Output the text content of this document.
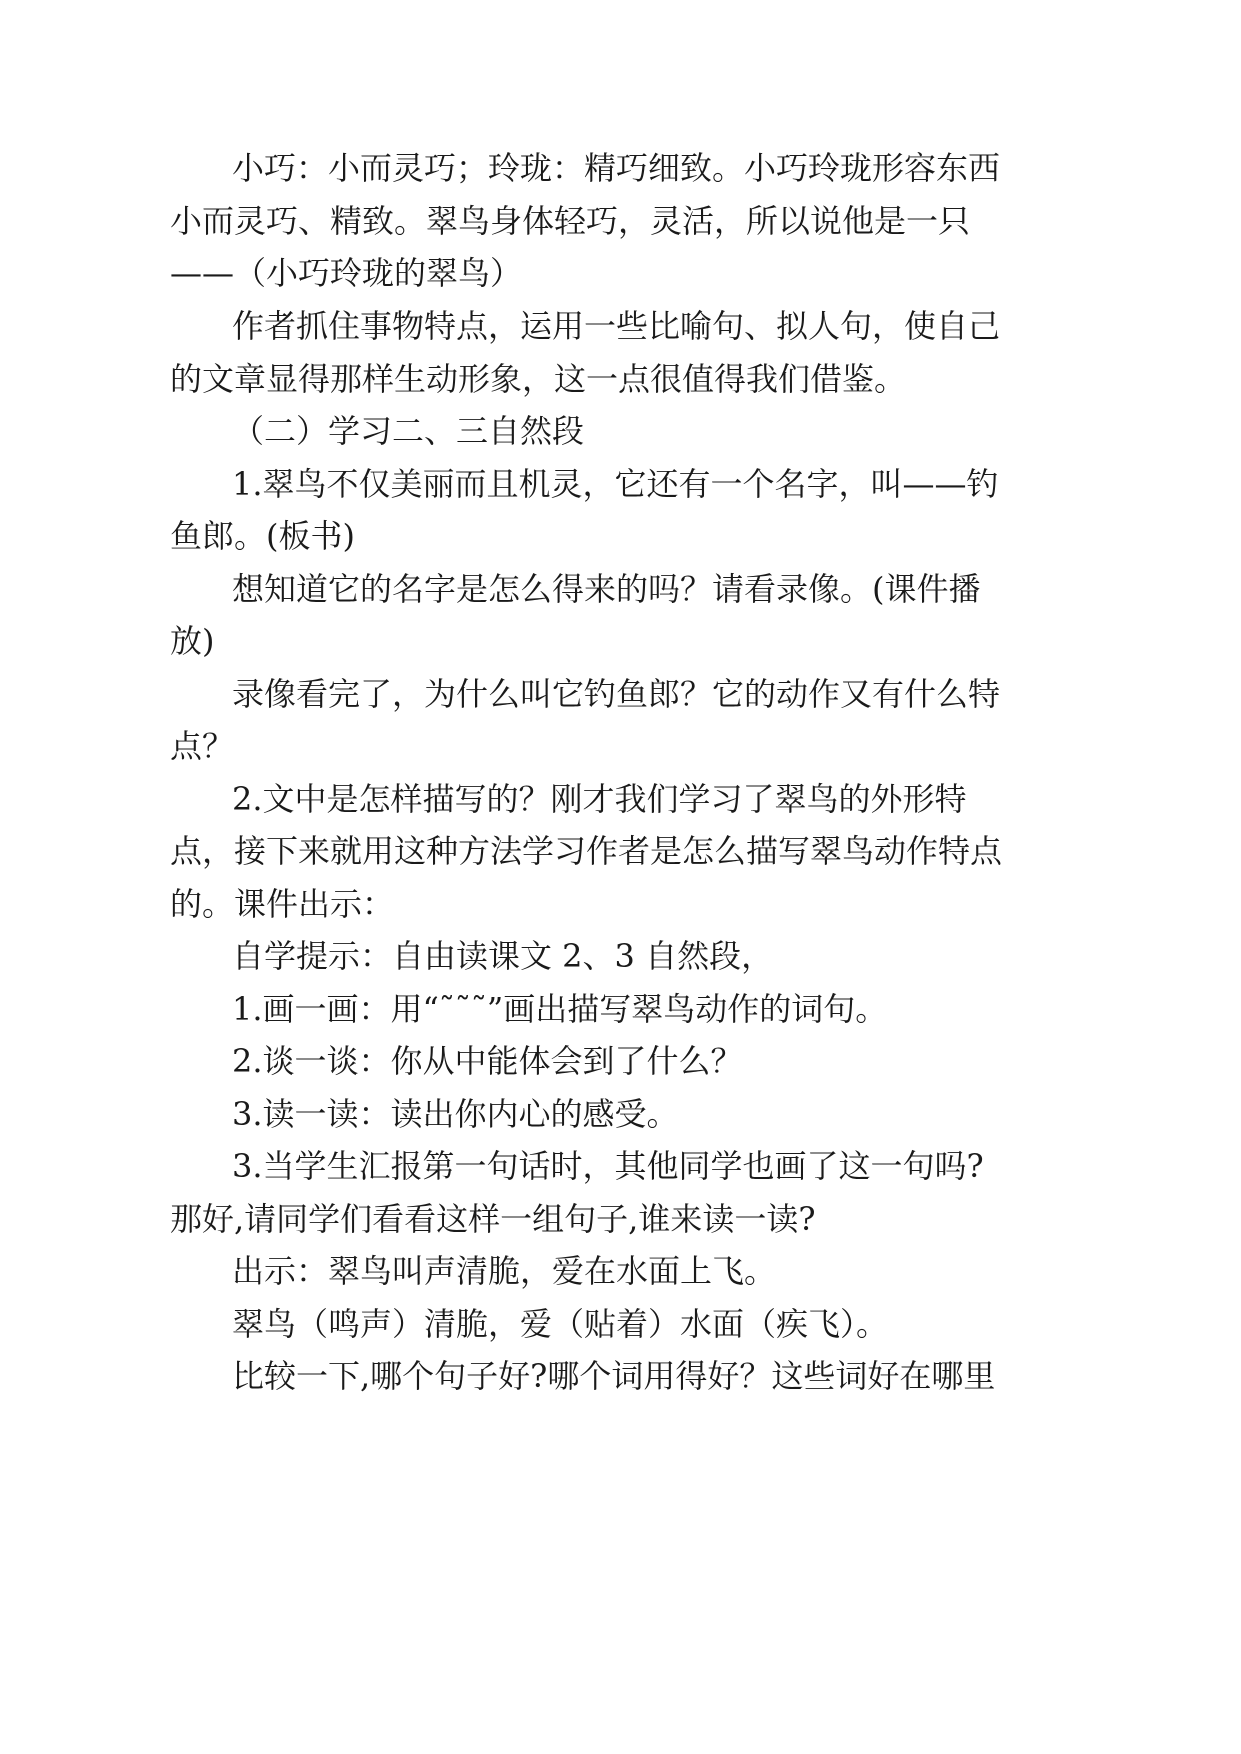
小巧：小而灵巧；玲珑：精巧细致。小巧玲珑形容东西
小而灵巧、精致。翠鸟身体轻巧，灵活，所以说他是一只
——（小巧玲珑的翠鸟）
作者抓住事物特点，运用一些比喻句、拟人句，使自己
的文章显得那样生动形象，这一点很值得我们借鉴。
（二）学习二、三自然段
1.翠鸟不仅美丽而且机灵，它还有一个名字，叫——钓
鱼郎。(板书)
想知道它的名字是怎么得来的吗？请看录像。(课件播
放)
录像看完了，为什么叫它钓鱼郎？它的动作又有什么特
点？
2.文中是怎样描写的？刚才我们学习了翠鸟的外形特
点，接下来就用这种方法学习作者是怎么描写翠鸟动作特点
的。课件出示：
自学提示：自由读课文 2、3 自然段，
1.画一画：用“˜˜˜”画出描写翠鸟动作的词句。
2.谈一谈：你从中能体会到了什么？
3.读一读：读出你内心的感受。
3.当学生汇报第一句话时，其他同学也画了这一句吗?
那好,请同学们看看这样一组句子,谁来读一读?
出示：翠鸟叫声清脆，爱在水面上飞。
翠鸟（鸣声）清脆，爱（贴着）水面（疾飞）。
比较一下,哪个句子好?哪个词用得好？这些词好在哪里
